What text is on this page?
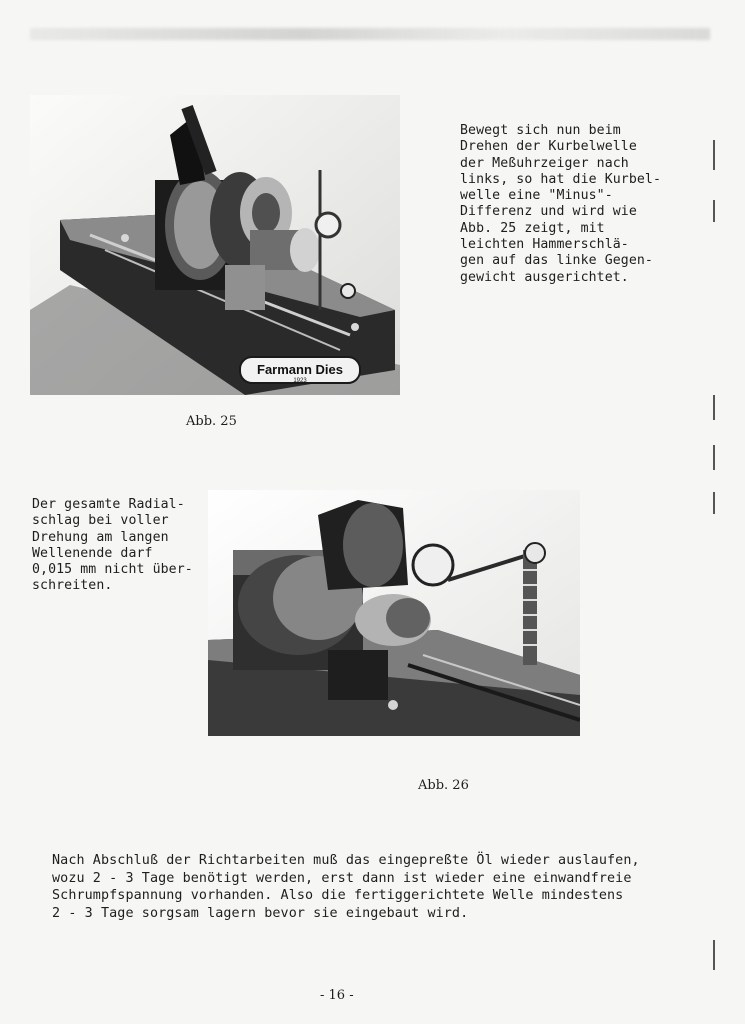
Farmann Dies
1923
Bewegt sich nun beim
Drehen der Kurbelwelle
der Meßuhrzeiger nach
links, so hat die Kurbel-
welle eine "Minus"-
Differenz und wird wie
Abb. 25 zeigt, mit
leichten Hammerschlä-
gen auf das linke Gegen-
gewicht ausgerichtet.
Abb. 25
Der gesamte Radial-
schlag bei voller
Drehung am langen
Wellenende darf
0,015 mm nicht über-
schreiten.
Abb. 26
Nach Abschluß der Richtarbeiten muß das eingepreßte Öl wieder auslaufen,
wozu 2 - 3 Tage benötigt werden, erst dann ist wieder eine einwandfreie
Schrumpfspannung vorhanden. Also die fertiggerichtete Welle mindestens
2 - 3 Tage sorgsam lagern bevor sie eingebaut wird.
- 16 -
